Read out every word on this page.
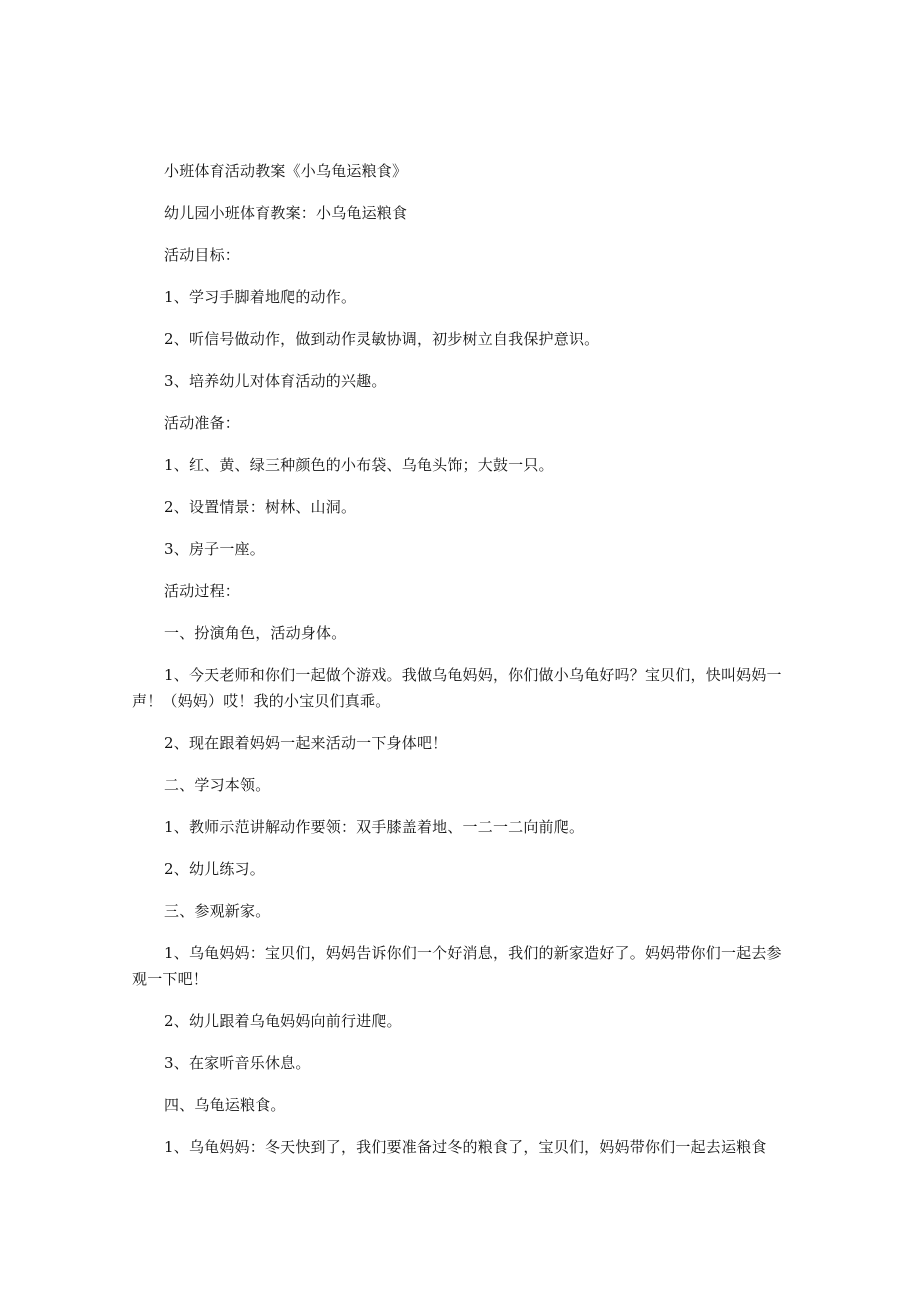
小班体育活动教案《小乌龟运粮食》

幼儿园小班体育教案：小乌龟运粮食

活动目标：

1、学习手脚着地爬的动作。

2、听信号做动作，做到动作灵敏协调，初步树立自我保护意识。

3、培养幼儿对体育活动的兴趣。

活动准备：

1、红、黄、绿三种颜色的小布袋、乌龟头饰；大鼓一只。

2、设置情景：树林、山洞。

3、房子一座。

活动过程：

一、扮演角色，活动身体。

1、今天老师和你们一起做个游戏。我做乌龟妈妈，你们做小乌龟好吗？宝贝们，快叫妈妈一声！（妈妈）哎！我的小宝贝们真乖。

2、现在跟着妈妈一起来活动一下身体吧！

二、学习本领。

1、教师示范讲解动作要领：双手膝盖着地、一二一二向前爬。

2、幼儿练习。

三、参观新家。

1、乌龟妈妈：宝贝们，妈妈告诉你们一个好消息，我们的新家造好了。妈妈带你们一起去参观一下吧！

2、幼儿跟着乌龟妈妈向前行进爬。

3、在家听音乐休息。

四、乌龟运粮食。

1、乌龟妈妈：冬天快到了，我们要准备过冬的粮食了，宝贝们，妈妈带你们一起去运粮食
